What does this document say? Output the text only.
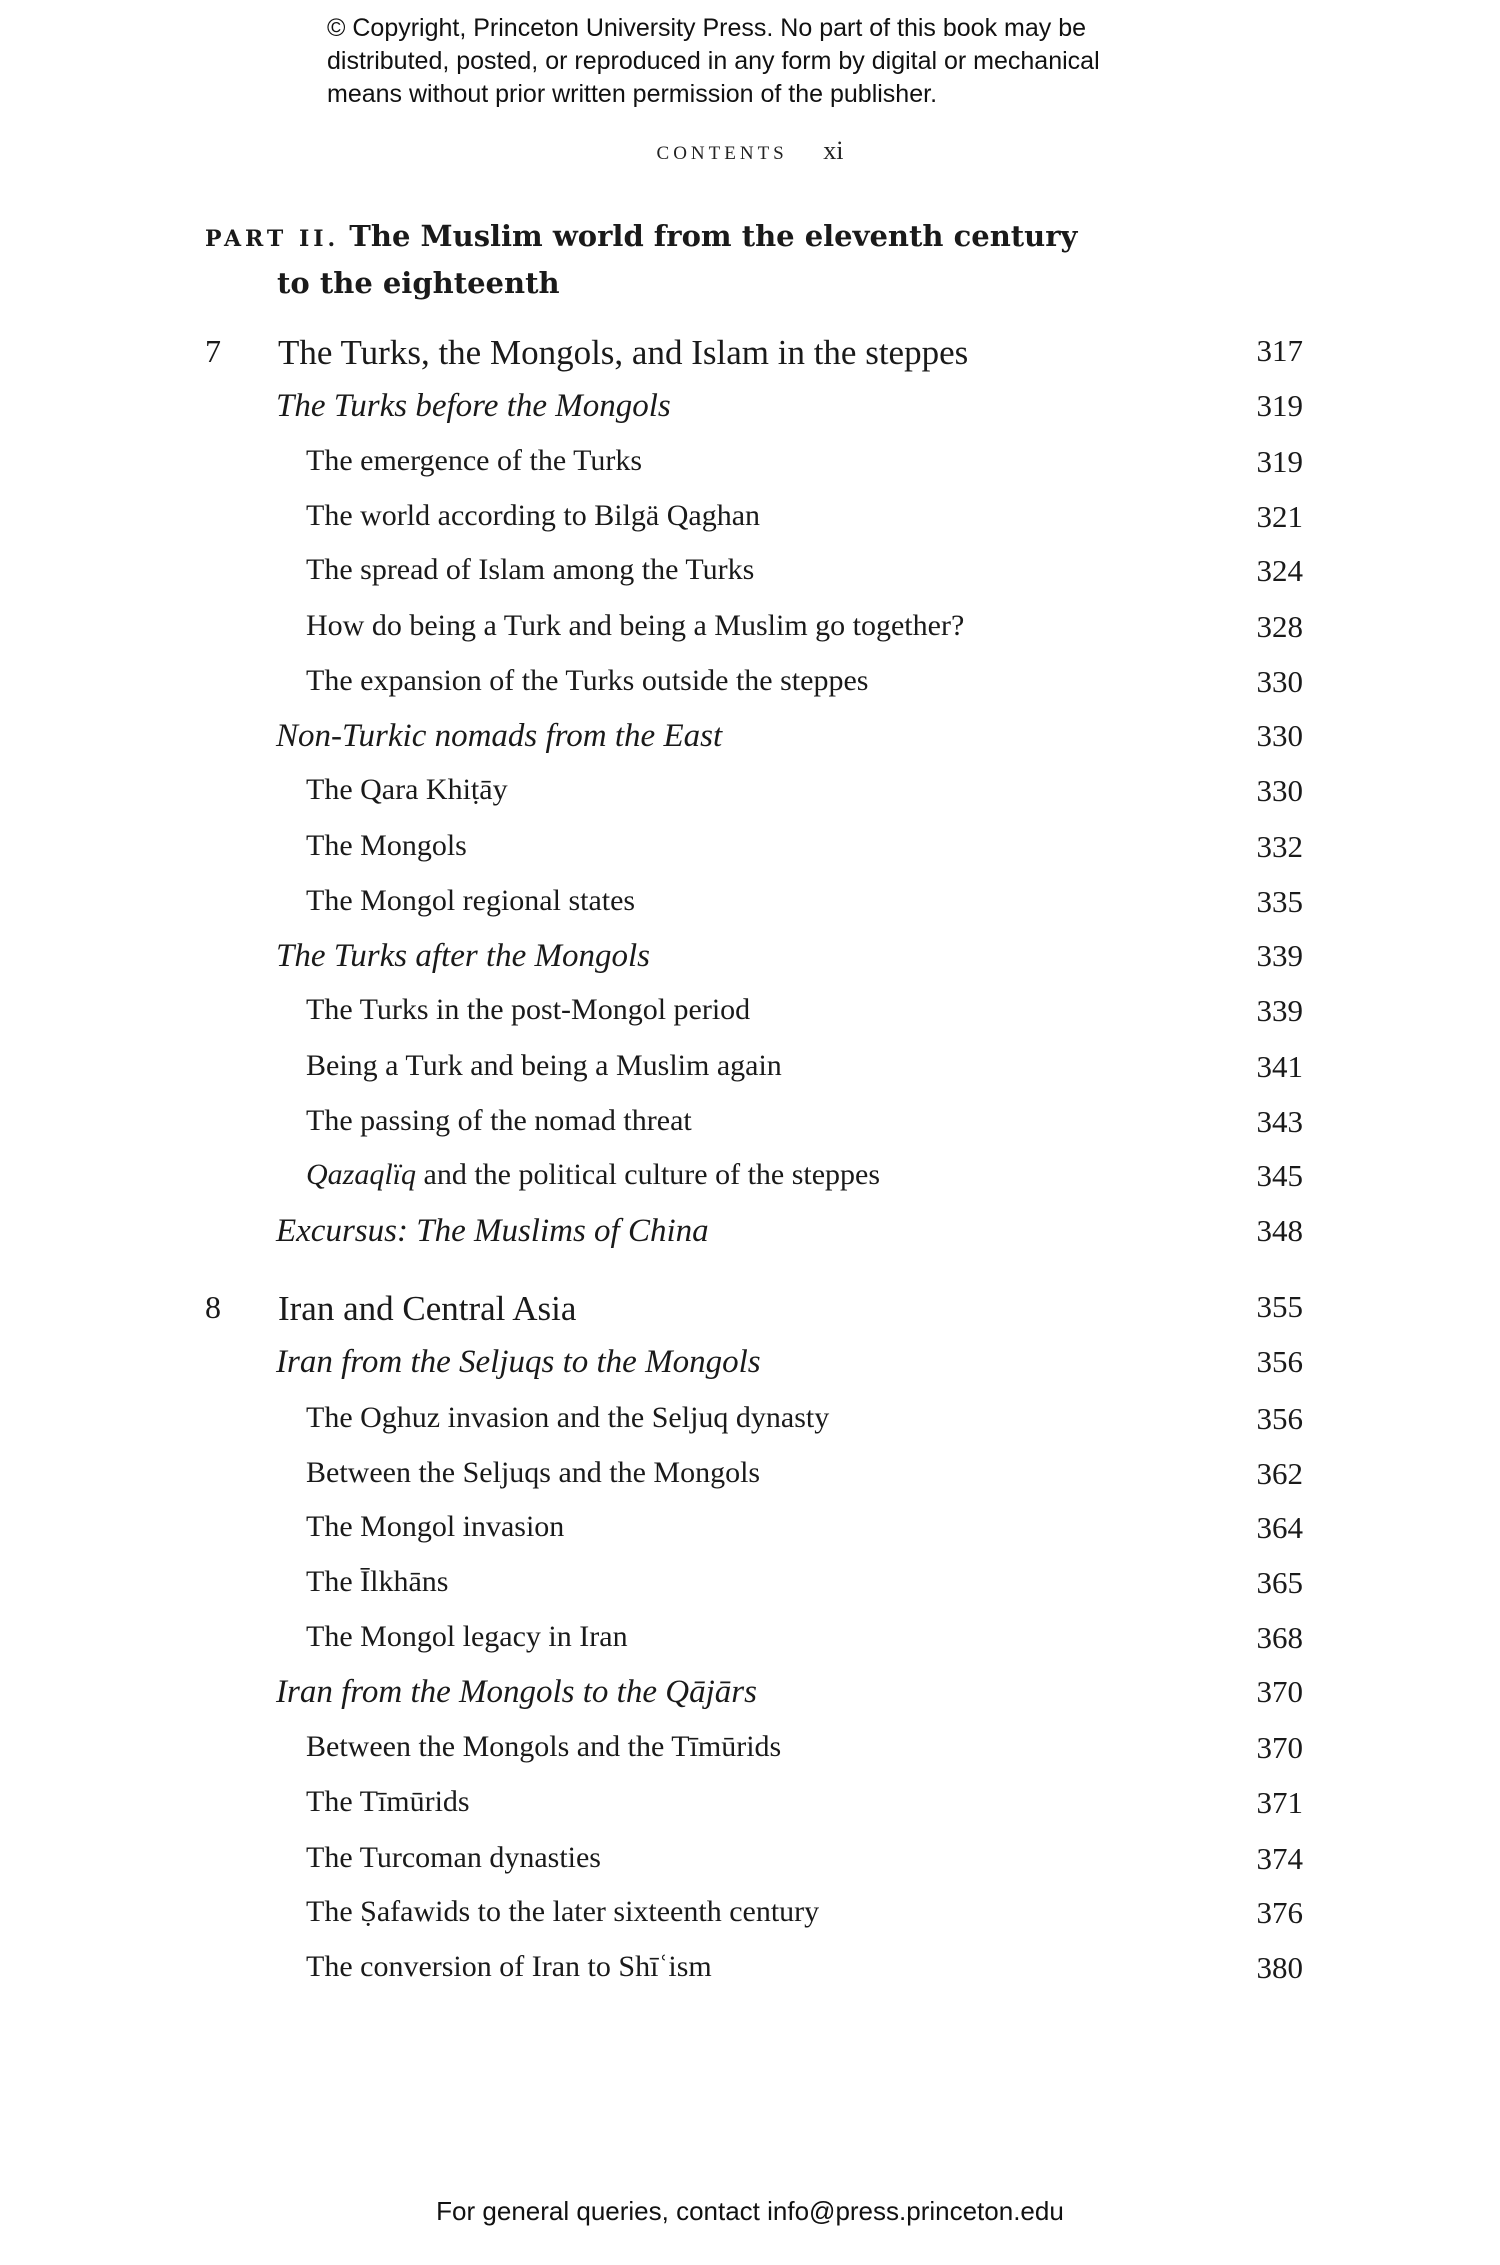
© Copyright, Princeton University Press. No part of this book may be
distributed, posted, or reproduced in any form by digital or mechanical
means without prior written permission of the publisher.
CONTENTS xi
PART II. The Muslim world from the eleventh century
to the eighteenth
7 The Turks, the Mongols, and Islam in the steppes	317
The Turks before the Mongols	319
The emergence of the Turks	319
The world according to Bilgä Qaghan	321
The spread of Islam among the Turks	324
How do being a Turk and being a Muslim go together?	328
The expansion of the Turks outside the steppes	330
Non-Turkic nomads from the East	330
The Qara Khiṭāy	330
The Mongols	332
The Mongol regional states	335
The Turks after the Mongols	339
The Turks in the post-Mongol period	339
Being a Turk and being a Muslim again	341
The passing of the nomad threat	343
Qazaqlïq and the political culture of the steppes	345
Excursus: The Muslims of China	348
8 Iran and Central Asia	355
Iran from the Seljuqs to the Mongols	356
The Oghuz invasion and the Seljuq dynasty	356
Between the Seljuqs and the Mongols	362
The Mongol invasion	364
The Īlkhāns	365
The Mongol legacy in Iran	368
Iran from the Mongols to the Qājārs	370
Between the Mongols and the Tīmūrids	370
The Tīmūrids	371
The Turcoman dynasties	374
The Ṣafawids to the later sixteenth century	376
The conversion of Iran to Shīʿism	380
For general queries, contact info@press.princeton.edu
